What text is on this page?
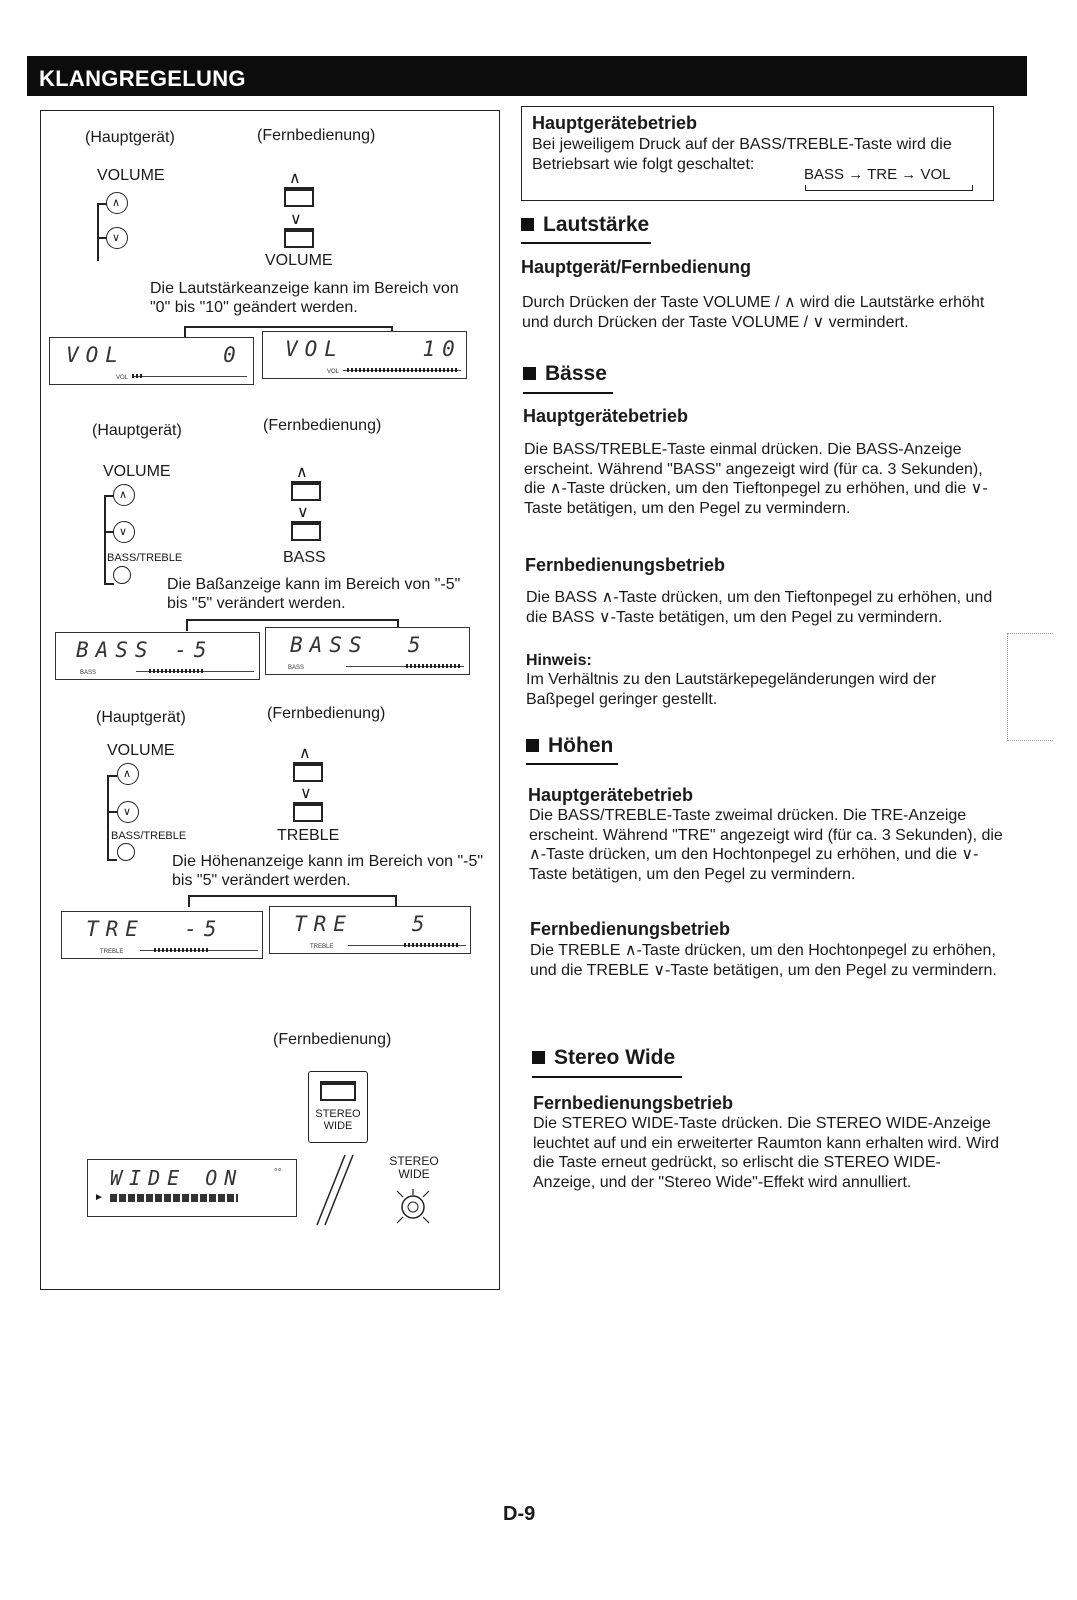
KLANGREGELUNG
(Hauptgerät)	(Fernbedienung)
VOLUME
∧
∨
∧
∨
VOLUME
Die Lautstärkeanzeige kann im Bereich von "0" bis "10" geändert werden.
VOL     0
VOL
VOL    10
VOL
(Hauptgerät)	(Fernbedienung)
VOLUME
∧
∨
BASS/TREBLE
∧
∨
BASS
Die Baßanzeige kann im Bereich von "-5" bis "5" verändert werden.
BASS -5
BASS
BASS  5
BASS
(Hauptgerät)	(Fernbedienung)
VOLUME
∧
∨
BASS/TREBLE
∧
∨
TREBLE
Die Höhenanzeige kann im Bereich von "-5" bis "5" verändert werden.
TRE  -5
TREBLE
TRE   5
TREBLE
(Fernbedienung)
STEREO WIDE
WIDE ON	◦◦
►
STEREO WIDE
Hauptgerätebetrieb
Bei jeweiligem Druck auf der BASS/TREBLE-Taste wird die Betriebsart wie folgt geschaltet:
BASS → TRE → VOL
Lautstärke
Hauptgerät/Fernbedienung
Durch Drücken der Taste VOLUME / ∧ wird die Lautstärke erhöht und durch Drücken der Taste VOLUME / ∨ vermindert.
Bässe
Hauptgerätebetrieb
Die BASS/TREBLE-Taste einmal drücken. Die BASS-Anzeige erscheint. Während "BASS" angezeigt wird (für ca. 3 Sekunden), die ∧-Taste drücken, um den Tieftonpegel zu erhöhen, und die ∨-Taste betätigen, um den Pegel zu vermindern.
Fernbedienungsbetrieb
Die BASS ∧-Taste drücken, um den Tieftonpegel zu erhöhen, und die BASS ∨-Taste betätigen, um den Pegel zu vermindern.
Hinweis:
Im Verhältnis zu den Lautstärkepegeländerungen wird der Baßpegel geringer gestellt.
Höhen
Hauptgerätebetrieb
Die BASS/TREBLE-Taste zweimal drücken. Die TRE-Anzeige erscheint. Während "TRE" angezeigt wird (für ca. 3 Sekunden), die ∧-Taste drücken, um den Hochtonpegel zu erhöhen, und die ∨-Taste betätigen, um den Pegel zu vermindern.
Fernbedienungsbetrieb
Die TREBLE ∧-Taste drücken, um den Hochtonpegel zu erhöhen, und die TREBLE ∨-Taste betätigen, um den Pegel zu vermindern.
Stereo Wide
Fernbedienungsbetrieb
Die STEREO WIDE-Taste drücken. Die STEREO WIDE-Anzeige leuchtet auf und ein erweiterter Raumton kann erhalten wird. Wird die Taste erneut gedrückt, so erlischt die STEREO WIDE-Anzeige, und der "Stereo Wide"-Effekt wird annulliert.
D-9
